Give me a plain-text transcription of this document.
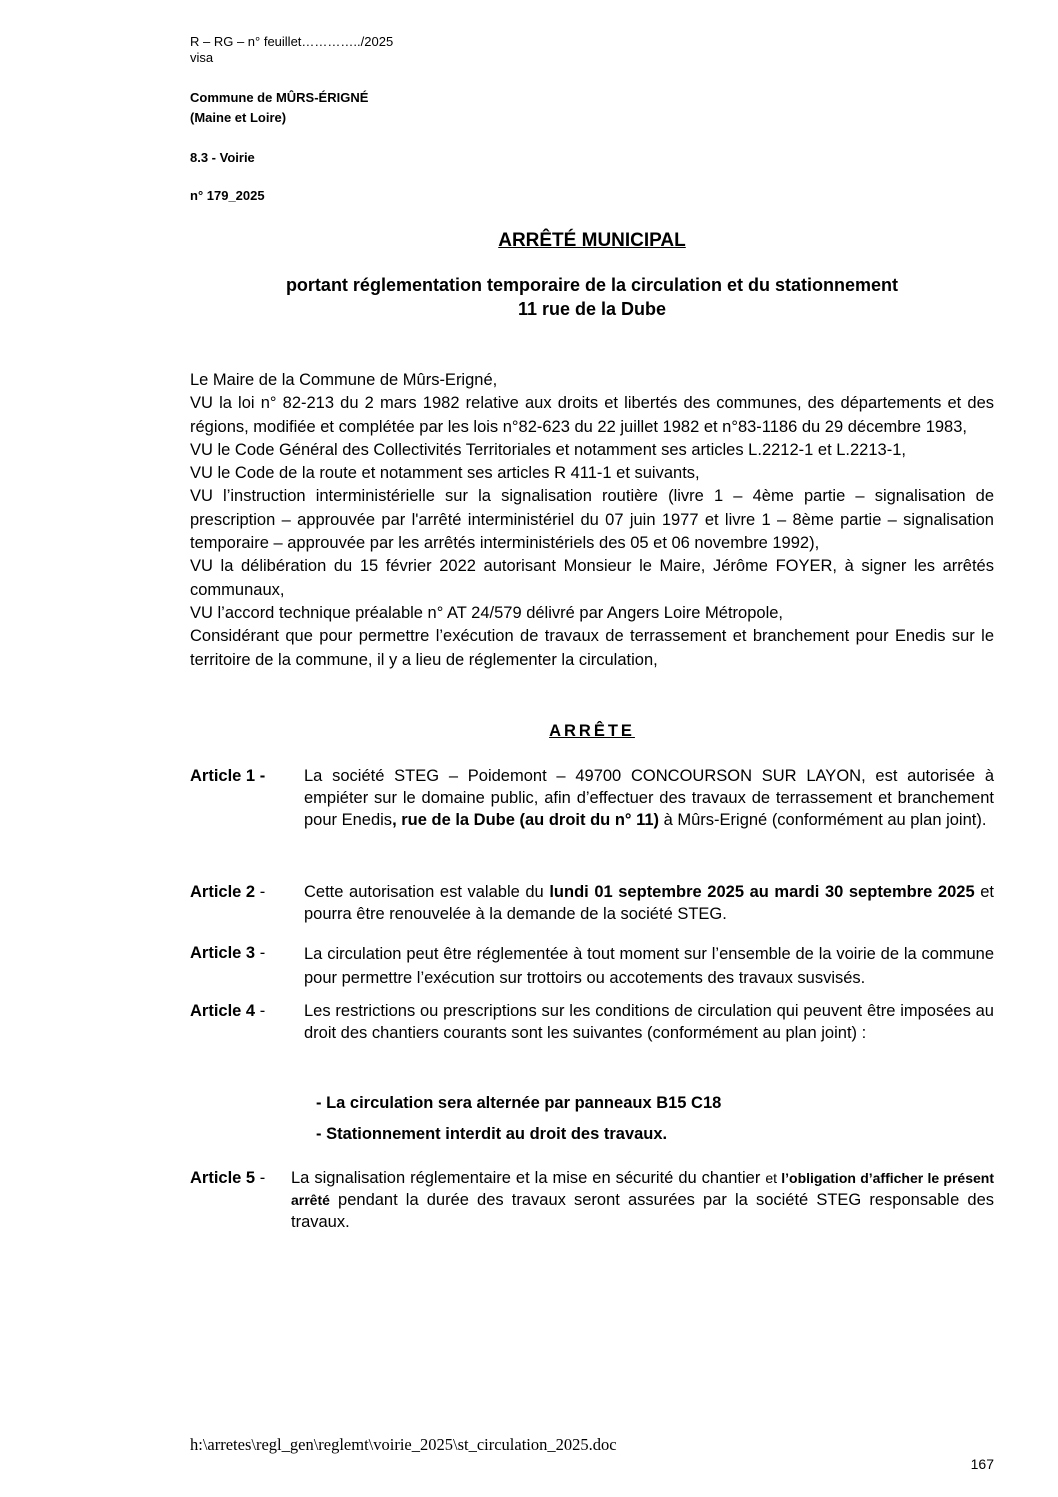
R – RG – n° feuillet…………../2025
visa
Commune de MÛRS-ÉRIGNÉ
(Maine et Loire)
8.3 - Voirie
n° 179_2025
ARRÊTÉ MUNICIPAL
portant réglementation temporaire de la circulation et du stationnement
11 rue de la Dube

Le Maire de la Commune de Mûrs-Erigné,

VU la loi n° 82-213 du 2 mars 1982 relative aux droits et libertés des communes, des départements et des régions, modifiée et complétée par les lois n°82-623 du 22 juillet 1982 et n°83-1186 du 29 décembre 1983,

VU le Code Général des Collectivités Territoriales et notamment ses articles L.2212-1 et L.2213-1,

VU le Code de la route et notamment ses articles R 411-1 et suivants,

VU l’instruction interministérielle sur la signalisation routière (livre 1 – 4ème partie – signalisation de prescription – approuvée par l'arrêté interministériel du 07 juin 1977 et livre 1 – 8ème partie – signalisation temporaire – approuvée par les arrêtés interministériels des 05 et 06 novembre 1992),

VU la délibération du 15 février 2022 autorisant Monsieur le Maire, Jérôme FOYER, à signer les arrêtés communaux,

VU l’accord technique préalable n° AT 24/579 délivré par Angers Loire Métropole,

Considérant que pour permettre l’exécution de travaux de terrassement et branchement pour Enedis sur le territoire de la commune, il y a lieu de réglementer la circulation,

ARRÊTE
Article 1 - La société STEG – Poidemont – 49700 CONCOURSON SUR LAYON, est autorisée à empiéter sur le domaine public, afin d’effectuer des travaux de terrassement et branchement pour Enedis, rue de la Dube (au droit du n° 11) à Mûrs-Erigné (conformément au plan joint).
Article 2 - Cette autorisation est valable du lundi 01 septembre 2025 au mardi 30 septembre 2025 et pourra être renouvelée à la demande de la société STEG.
Article 3 - La circulation peut être réglementée à tout moment sur l’ensemble de la voirie de la commune pour permettre l’exécution sur trottoirs ou accotements des travaux susvisés.
Article 4 - Les restrictions ou prescriptions sur les conditions de circulation qui peuvent être imposées au droit des chantiers courants sont les suivantes (conformément au plan joint) :
- La circulation sera alternée par panneaux B15 C18
- Stationnement interdit au droit des travaux.
Article 5 - La signalisation réglementaire et la mise en sécurité du chantier et l’obligation d’afficher le présent arrêté pendant la durée des travaux seront assurées par la société STEG responsable des travaux.
h:\arretes\regl_gen\reglemt\voirie_2025\st_circulation_2025.doc
167
